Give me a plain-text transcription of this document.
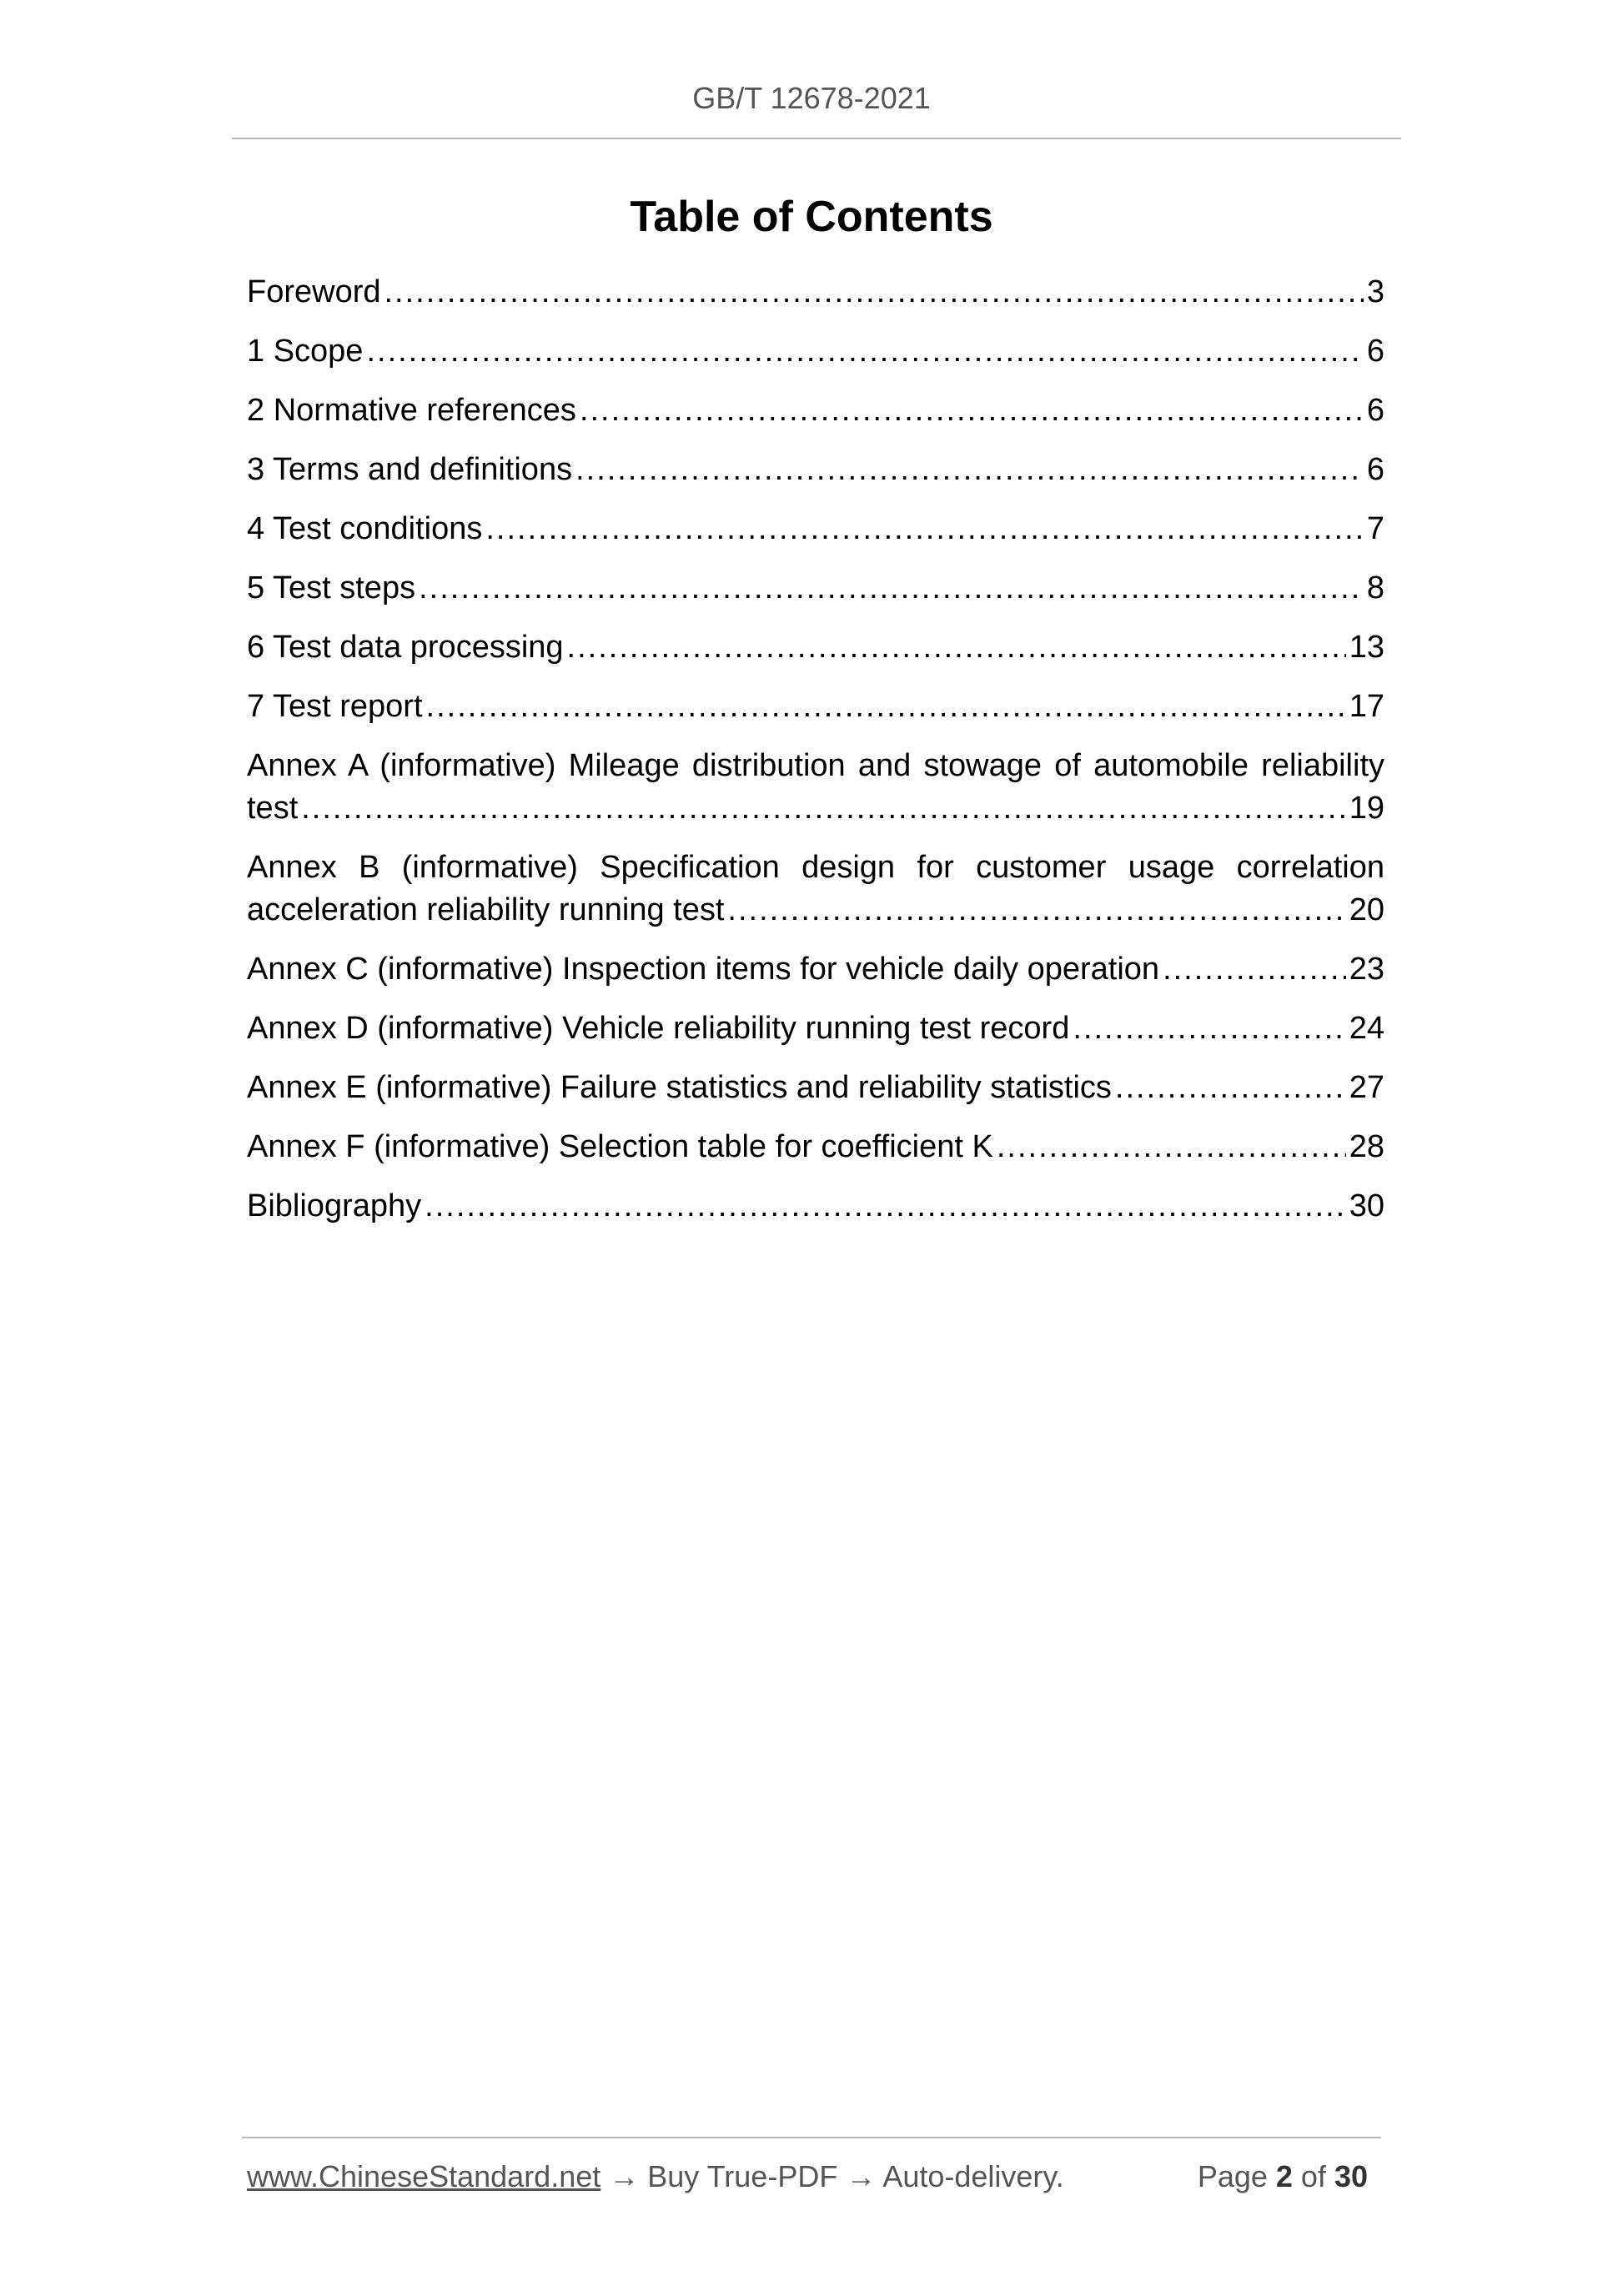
GB/T 12678-2021
Table of Contents
Foreword .....	3
1 Scope .....	6
2 Normative references .....	6
3 Terms and definitions .....	6
4 Test conditions .....	7
5 Test steps .....	8
6 Test data processing .....	13
7 Test report .....	17
Annex A (informative) Mileage distribution and stowage of automobile reliability
test .....	19
Annex B (informative) Specification design for customer usage correlation
acceleration reliability running test .....	20
Annex C (informative) Inspection items for vehicle daily operation .....	23
Annex D (informative) Vehicle reliability running test record .....	24
Annex E (informative) Failure statistics and reliability statistics .....	27
Annex F (informative) Selection table for coefficient K .....	28
Bibliography .....	30
www.ChineseStandard.net → Buy True-PDF → Auto-delivery.	Page 2 of 30
